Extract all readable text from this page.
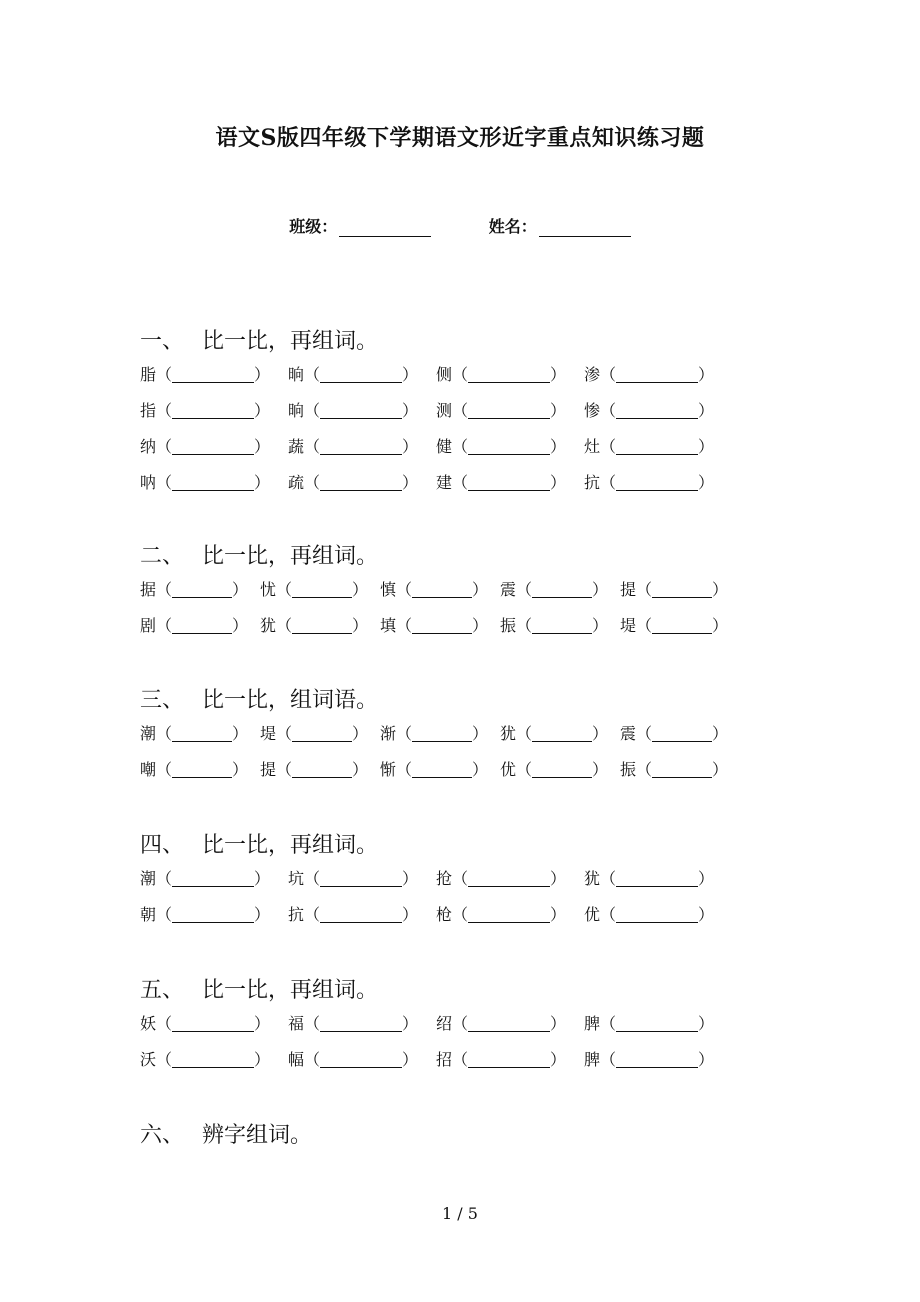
语文S版四年级下学期语文形近字重点知识练习题
班级：	姓名：
一、 比一比，再组词。
脂（	） 晌（	） 侧（	） 渗（	）
指（	） 晌（	） 测（	） 惨（	）
纳（	） 蔬（	） 健（	） 灶（	）
呐（	） 疏（	） 建（	） 抗（	）
二、 比一比，再组词。
据（	） 忧（	） 慎（	） 震（	） 提（	）
剧（	） 犹（	） 填（	） 振（	） 堤（	）
三、 比一比，组词语。
潮（	） 堤（	） 渐（	） 犹（	） 震（	）
嘲（	） 提（	） 惭（	） 优（	） 振（	）
四、 比一比，再组词。
潮（	） 坑（	） 抢（	） 犹（	）
朝（	） 抗（	） 枪（	） 优（	）
五、 比一比，再组词。
妖（	） 福（	） 绍（	） 脾（	）
沃（	） 幅（	） 招（	） 脾（	）
六、 辨字组词。
1 / 5
